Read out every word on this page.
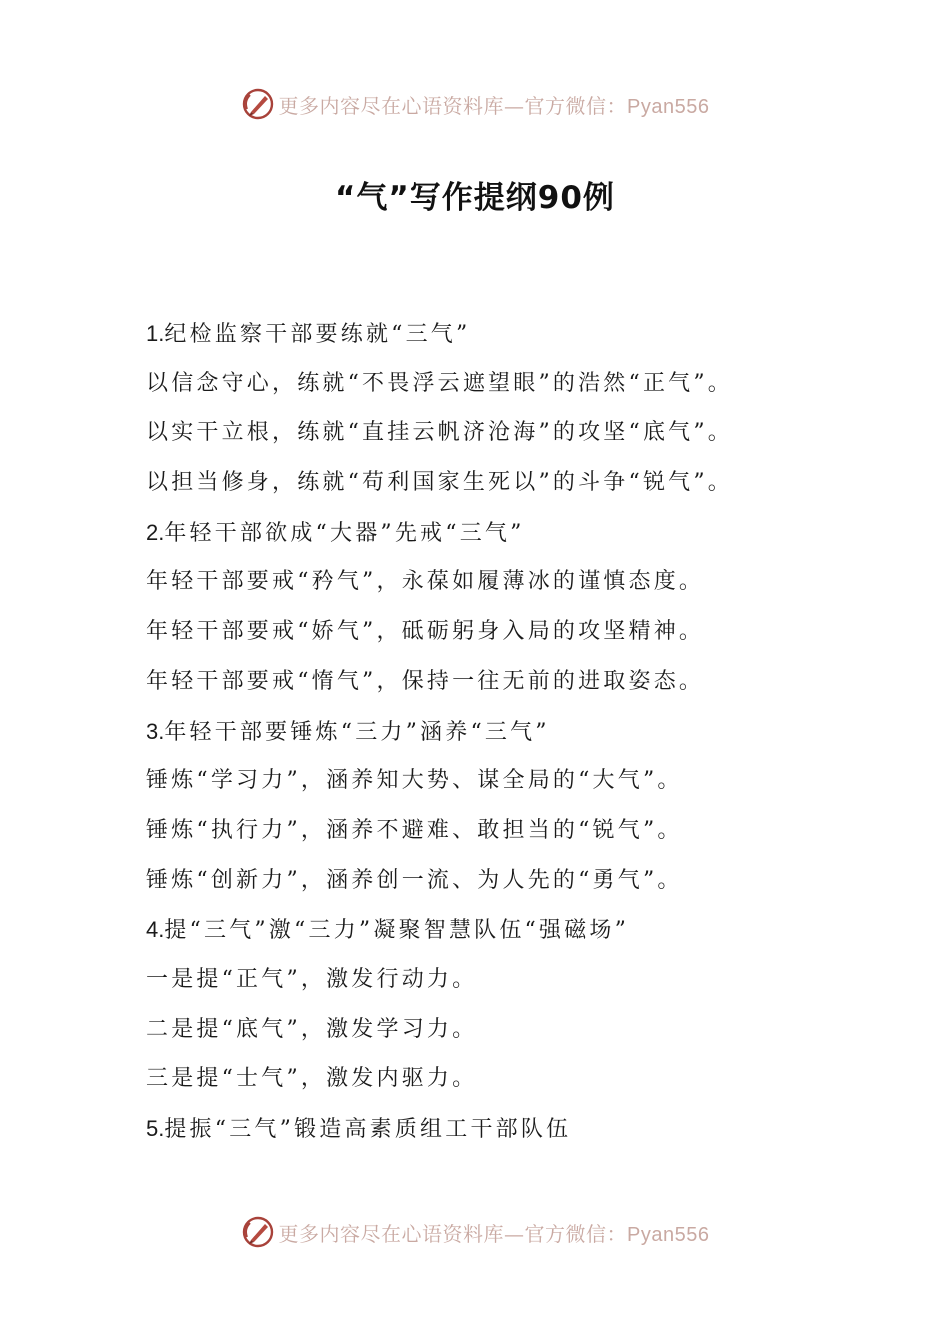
更多内容尽在心语资料库—官方微信：Pyan556
“气”写作提纲90例
1.纪检监察干部要练就“三气”
以信念守心，练就“不畏浮云遮望眼”的浩然“正气”。
以实干立根，练就“直挂云帆济沧海”的攻坚“底气”。
以担当修身，练就“苟利国家生死以”的斗争“锐气”。
2.年轻干部欲成“大器”先戒“三气”
年轻干部要戒“矜气”，永葆如履薄冰的谨慎态度。
年轻干部要戒“娇气”，砥砺躬身入局的攻坚精神。
年轻干部要戒“惰气”，保持一往无前的进取姿态。
3.年轻干部要锤炼“三力”涵养“三气”
锤炼“学习力”，涵养知大势、谋全局的“大气”。
锤炼“执行力”，涵养不避难、敢担当的“锐气”。
锤炼“创新力”，涵养创一流、为人先的“勇气”。
4.提“三气”激“三力”凝聚智慧队伍“强磁场”
一是提“正气”，激发行动力。
二是提“底气”，激发学习力。
三是提“士气”，激发内驱力。
5.提振“三气”锻造高素质组工干部队伍
更多内容尽在心语资料库—官方微信：Pyan556
